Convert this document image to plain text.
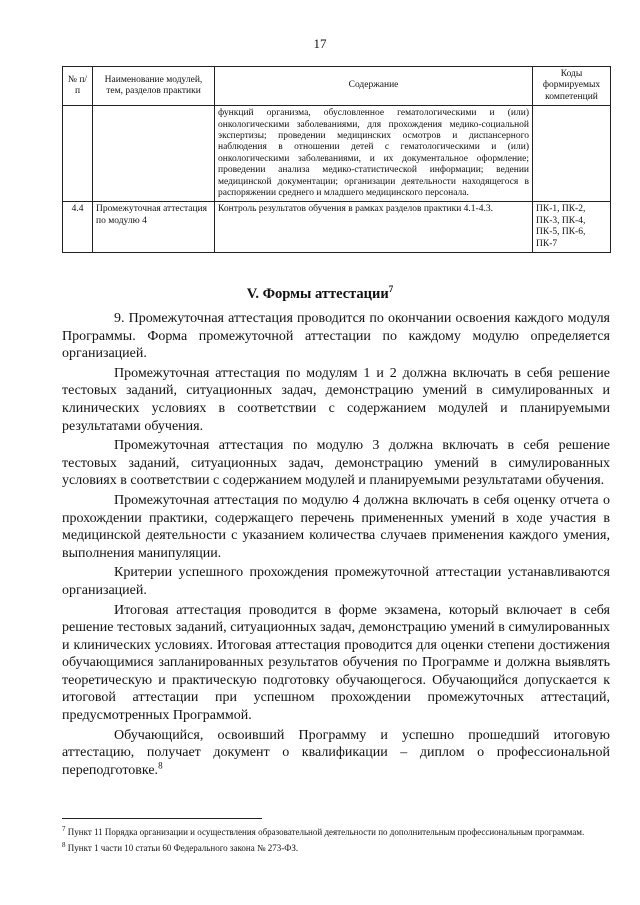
17
№ п/п	Наименование модулей, тем, разделов практики	Содержание	Коды формируемых компетенций
		функций организма, обусловленное гематологическими и (или) онкологическими заболеваниями, для прохождения медико-социальной экспертизы; проведении медицинских осмотров и диспансерного наблюдения в отношении детей с гематологическими и (или) онкологическими заболеваниями, и их документальное оформление; проведении анализа медико-статистической информации; ведении медицинской документации; организации деятельности находящегося в распоряжении среднего и младшего медицинского персонала.	
4.4	Промежуточная аттестация по модулю 4	Контроль результатов обучения в рамках разделов практики 4.1-4.3.	ПК-1, ПК-2, ПК-3, ПК-4, ПК-5, ПК-6, ПК-7
V. Формы аттестации$^7$

9. Промежуточная аттестация проводится по окончании освоения каждого модуля Программы. Форма промежуточной аттестации по каждому модулю определяется организацией.

Промежуточная аттестация по модулям 1 и 2 должна включать в себя решение тестовых заданий, ситуационных задач, демонстрацию умений в симулированных и клинических условиях в соответствии с содержанием модулей и планируемыми результатами обучения.

Промежуточная аттестация по модулю 3 должна включать в себя решение тестовых заданий, ситуационных задач, демонстрацию умений в симулированных условиях в соответствии с содержанием модулей и планируемыми результатами обучения.

Промежуточная аттестация по модулю 4 должна включать в себя оценку отчета о прохождении практики, содержащего перечень примененных умений в ходе участия в медицинской деятельности с указанием количества случаев применения каждого умения, выполнения манипуляции.

Критерии успешного прохождения промежуточной аттестации устанавливаются организацией.

Итоговая аттестация проводится в форме экзамена, который включает в себя решение тестовых заданий, ситуационных задач, демонстрацию умений в симулированных и клинических условиях. Итоговая аттестация проводится для оценки степени достижения обучающимися запланированных результатов обучения по Программе и должна выявлять теоретическую и практическую подготовку обучающегося. Обучающийся допускается к итоговой аттестации при успешном прохождении промежуточных аттестаций, предусмотренных Программой.

Обучающийся, освоивший Программу и успешно прошедший итоговую аттестацию, получает документ о квалификации – диплом о профессиональной переподготовке.$^8$

$^7$ Пункт 11 Порядка организации и осуществления образовательной деятельности по дополнительным профессиональным программам.

$^8$ Пункт 1 части 10 статьи 60 Федерального закона № 273-ФЗ.
